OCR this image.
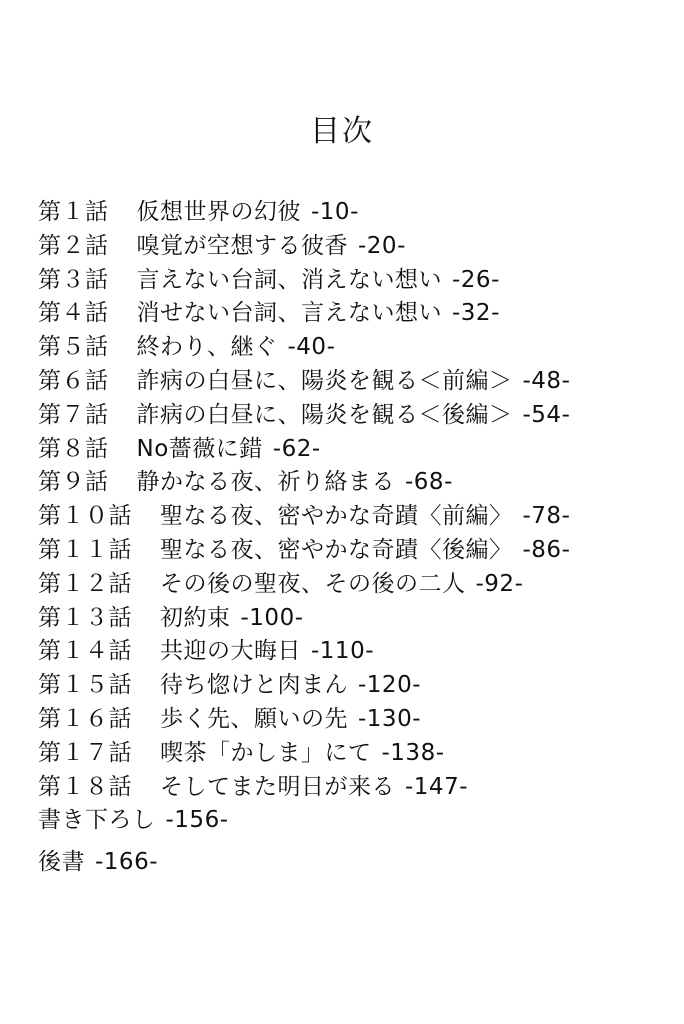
目次
第１話 仮想世界の幻彼 -10-
第２話 嗅覚が空想する彼香 -20-
第３話 言えない台詞、消えない想い -26-
第４話 消せない台詞、言えない想い -32-
第５話 終わり、継ぐ -40-
第６話 詐病の白昼に、陽炎を観る＜前編＞ -48-
第７話 詐病の白昼に、陽炎を観る＜後編＞ -54-
第８話 No薔薇に錯 -62-
第９話 静かなる夜、祈り絡まる -68-
第１０話 聖なる夜、密やかな奇蹟〈前編〉 -78-
第１１話 聖なる夜、密やかな奇蹟〈後編〉 -86-
第１２話 その後の聖夜、その後の二人 -92-
第１３話 初約束 -100-
第１４話 共迎の大晦日 -110-
第１５話 待ち惚けと肉まん -120-
第１６話 歩く先、願いの先 -130-
第１７話 喫茶「かしま」にて -138-
第１８話 そしてまた明日が来る -147-
書き下ろし -156-
後書 -166-
